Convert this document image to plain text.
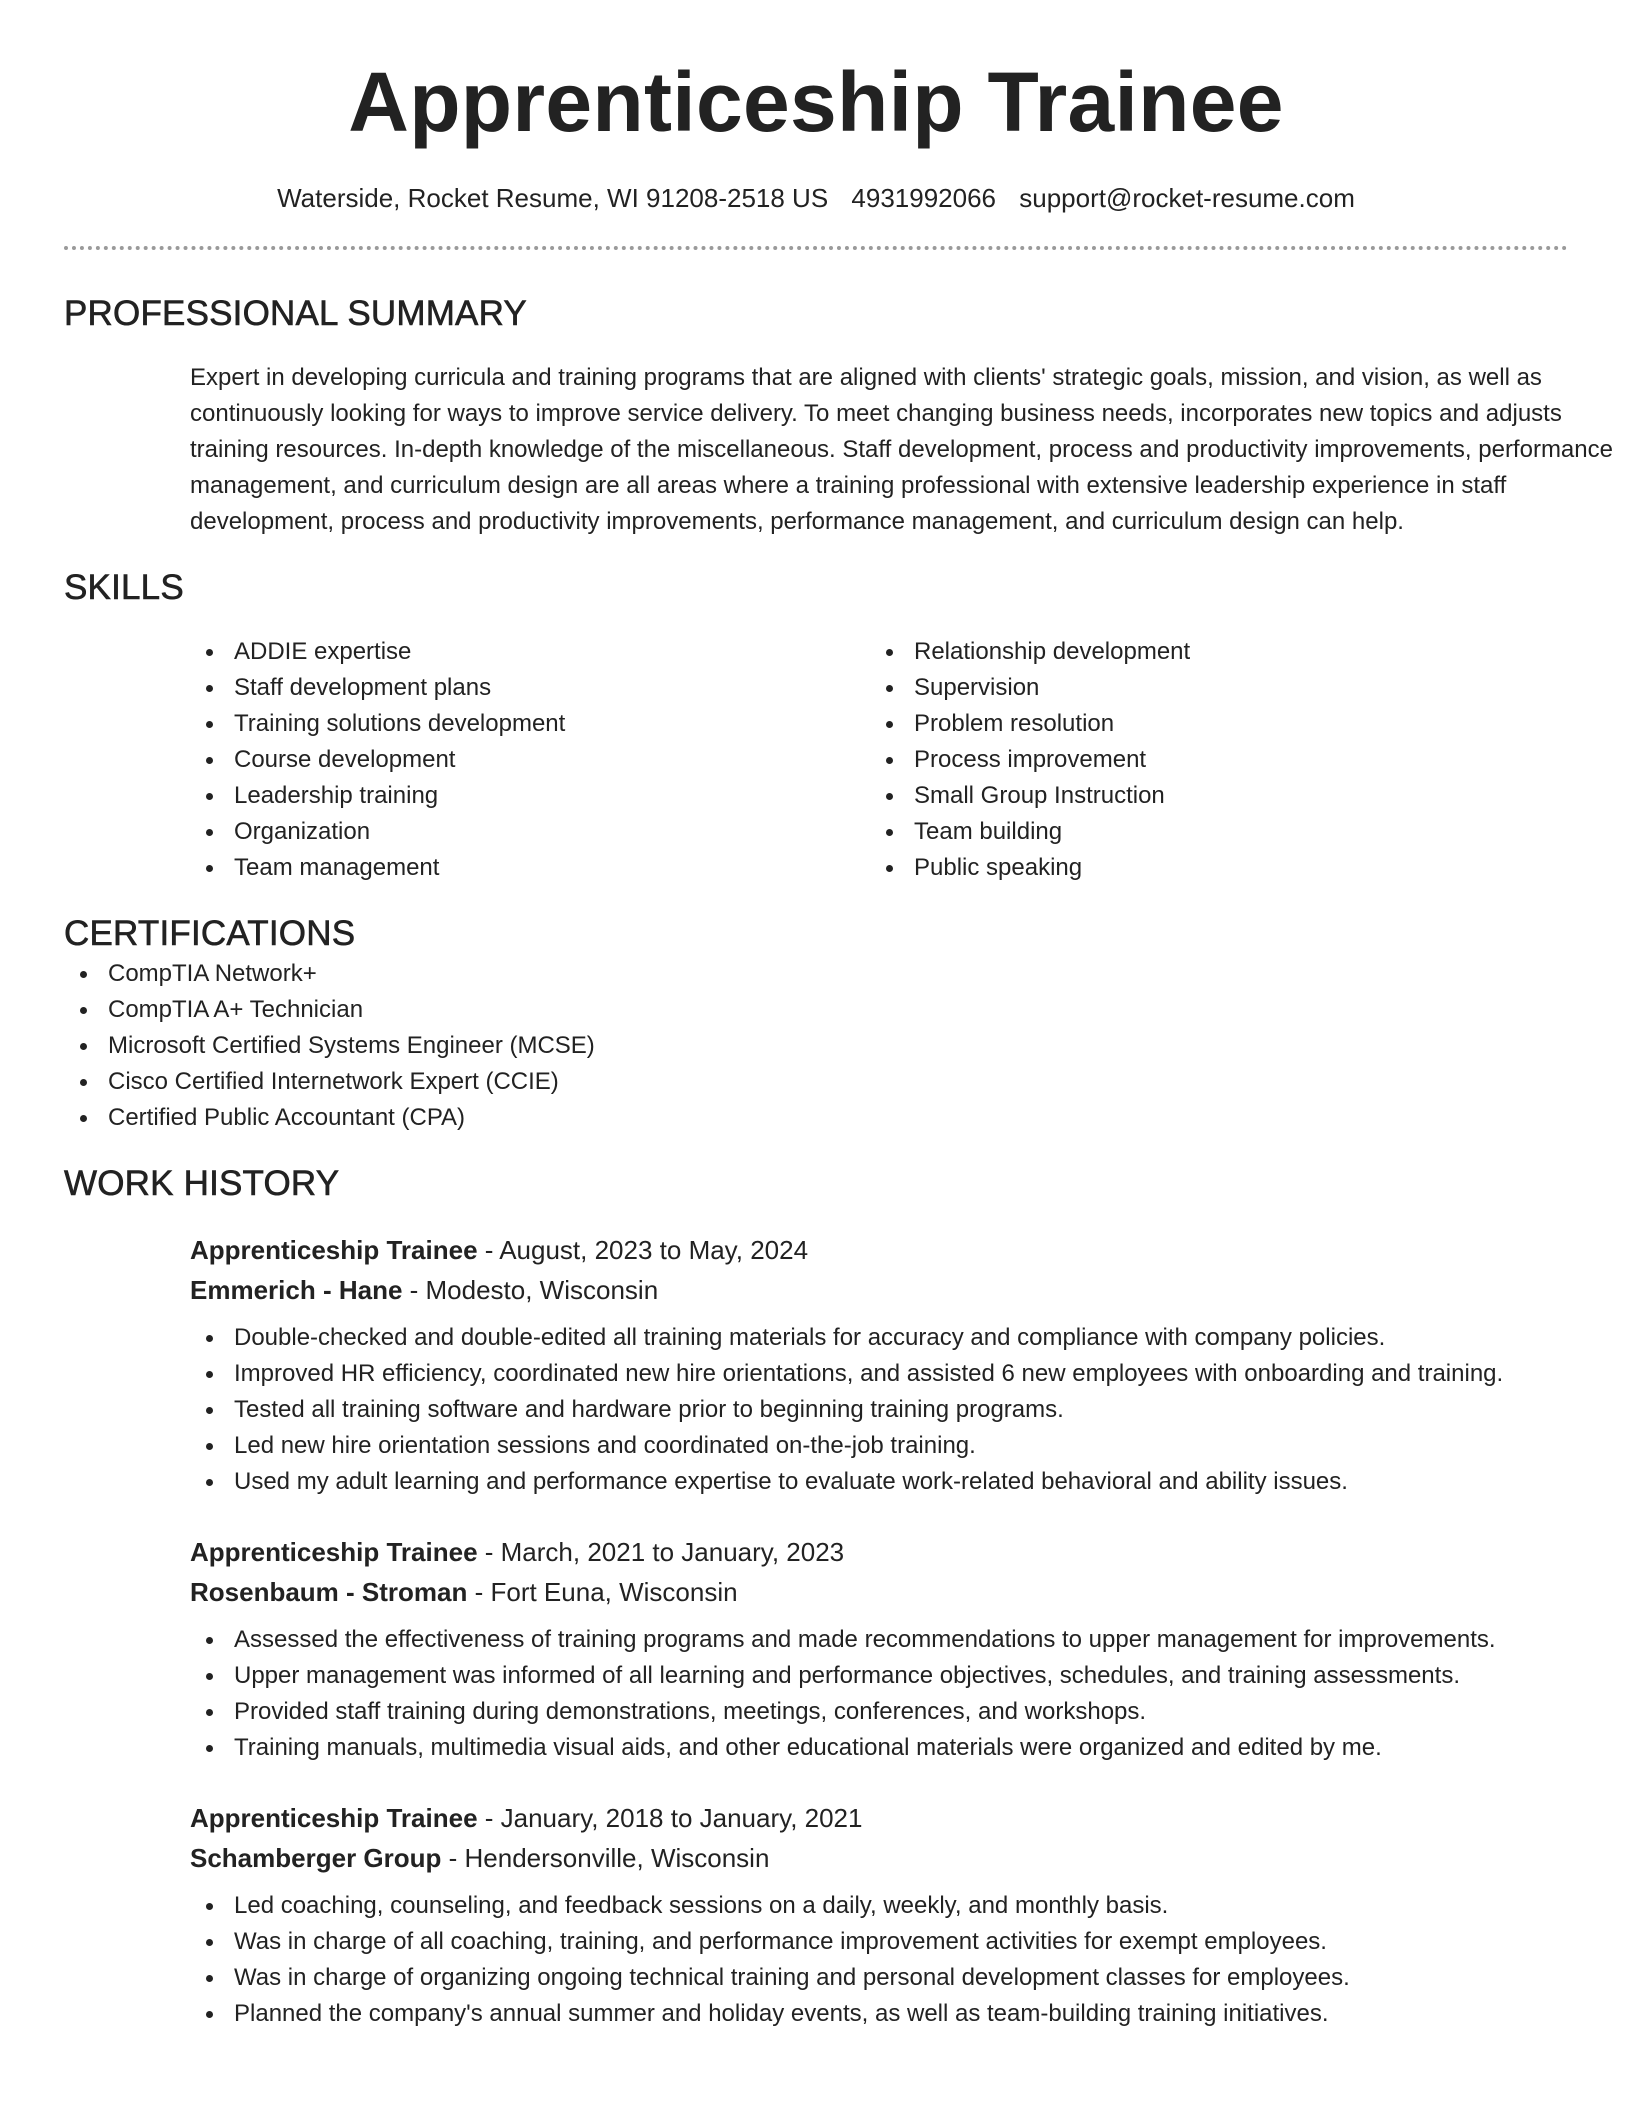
Apprenticeship Trainee
Waterside, Rocket Resume, WI 91208-2518 US 4931992066 support@rocket-resume.com
PROFESSIONAL SUMMARY

Expert in developing curricula and training programs that are aligned with clients' strategic goals, mission, and vision, as well as continuously looking for ways to improve service delivery. To meet changing business needs, incorporates new topics and adjusts training resources. In-depth knowledge of the miscellaneous. Staff development, process and productivity improvements, performance management, and curriculum design are all areas where a training professional with extensive leadership experience in staff development, process and productivity improvements, performance management, and curriculum design can help.

SKILLS
ADDIE expertise
Staff development plans
Training solutions development
Course development
Leadership training
Organization
Team management
Relationship development
Supervision
Problem resolution
Process improvement
Small Group Instruction
Team building
Public speaking
CERTIFICATIONS
CompTIA Network+
CompTIA A+ Technician
Microsoft Certified Systems Engineer (MCSE)
Cisco Certified Internetwork Expert (CCIE)
Certified Public Accountant (CPA)
WORK HISTORY
Apprenticeship Trainee - August, 2023 to May, 2024
Emmerich - Hane - Modesto, Wisconsin
Double-checked and double-edited all training materials for accuracy and compliance with company policies.
Improved HR efficiency, coordinated new hire orientations, and assisted 6 new employees with onboarding and training.
Tested all training software and hardware prior to beginning training programs.
Led new hire orientation sessions and coordinated on-the-job training.
Used my adult learning and performance expertise to evaluate work-related behavioral and ability issues.
Apprenticeship Trainee - March, 2021 to January, 2023
Rosenbaum - Stroman - Fort Euna, Wisconsin
Assessed the effectiveness of training programs and made recommendations to upper management for improvements.
Upper management was informed of all learning and performance objectives, schedules, and training assessments.
Provided staff training during demonstrations, meetings, conferences, and workshops.
Training manuals, multimedia visual aids, and other educational materials were organized and edited by me.
Apprenticeship Trainee - January, 2018 to January, 2021
Schamberger Group - Hendersonville, Wisconsin
Led coaching, counseling, and feedback sessions on a daily, weekly, and monthly basis.
Was in charge of all coaching, training, and performance improvement activities for exempt employees.
Was in charge of organizing ongoing technical training and personal development classes for employees.
Planned the company's annual summer and holiday events, as well as team-building training initiatives.
